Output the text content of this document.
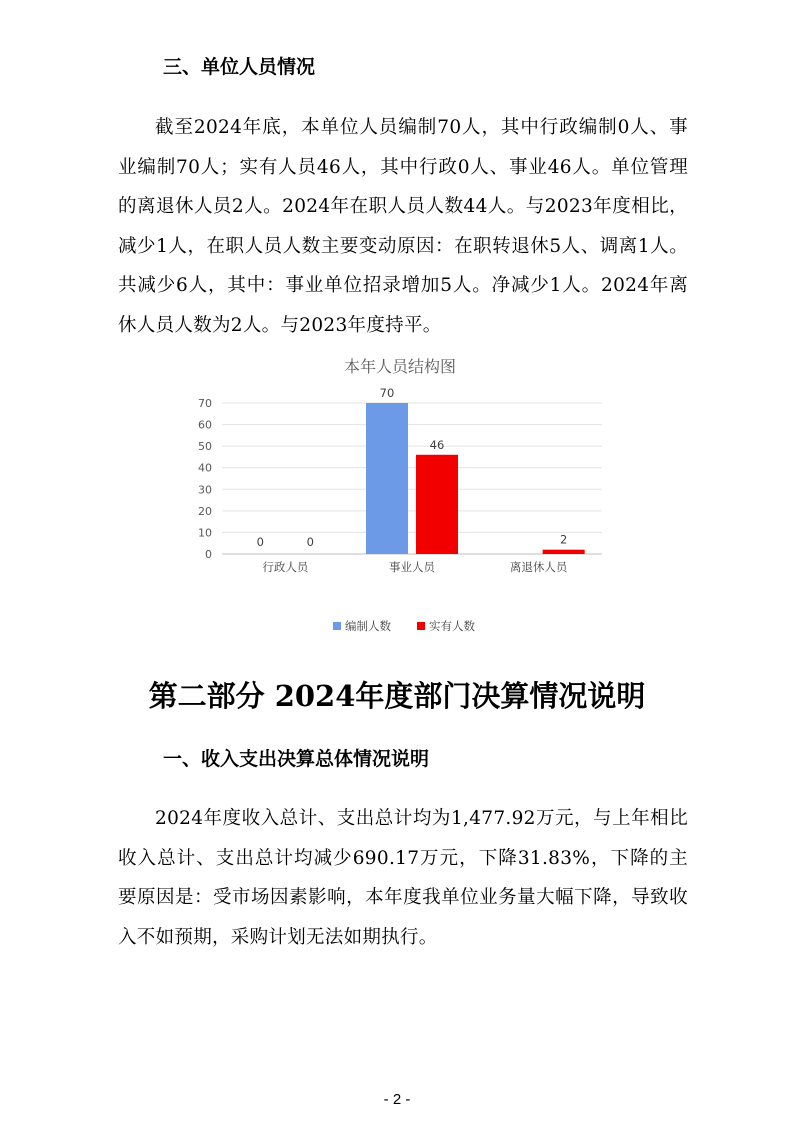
三、单位人员情况

截至2024年底，本单位人员编制70人，其中行政编制0人、事业编制70人；实有人员46人，其中行政0人、事业46人。单位管理的离退休人员2人。2024年在职人员人数44人。与2023年度相比，减少1人，在职人员人数主要变动原因：在职转退休5人、调离1人。共减少6人，其中：事业单位招录增加5人。净减少1人。2024年离休人员人数为2人。与2023年度持平。

本年人员结构图
0
10
20
30
40
50
60
70
0	0
行政人员
70
46
事业人员
2
离退休人员
编制人数	实有人数
第二部分 2024年度部门决算情况说明
一、收入支出决算总体情况说明

2024年度收入总计、支出总计均为1,477.92万元，与上年相比收入总计、支出总计均减少690.17万元，下降31.83%，下降的主要原因是：受市场因素影响，本年度我单位业务量大幅下降，导致收入不如预期，采购计划无法如期执行。

- 2 -
